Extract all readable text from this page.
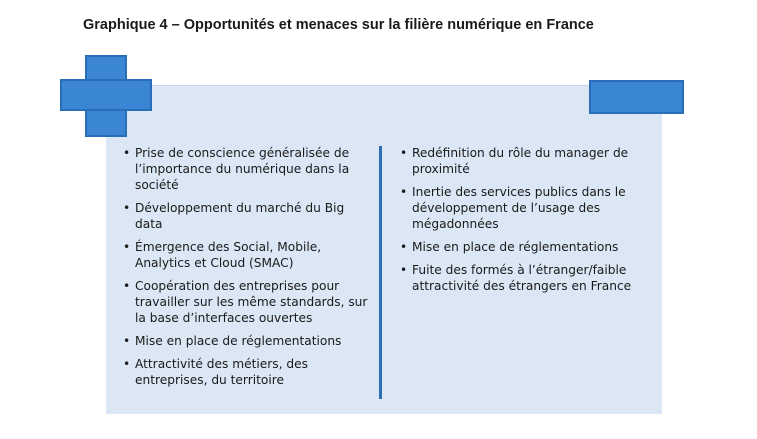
Graphique 4 – Opportunités et menaces sur la filière numérique en France
• Prise de conscience généralisée de l’importance du numérique dans la société
• Développement du marché du Big data
• Émergence des Social, Mobile, Analytics et Cloud (SMAC)
• Coopération des entreprises pour travailler sur les même standards, sur la base d’interfaces ouvertes
• Mise en place de réglementations
• Attractivité des métiers, des entreprises, du territoire
• Redéfinition du rôle du manager de proximité
• Inertie des services publics dans le développement de l’usage des mégadonnées
• Mise en place de réglementations
• Fuite des formés à l’étranger/faible attractivité des étrangers en France
